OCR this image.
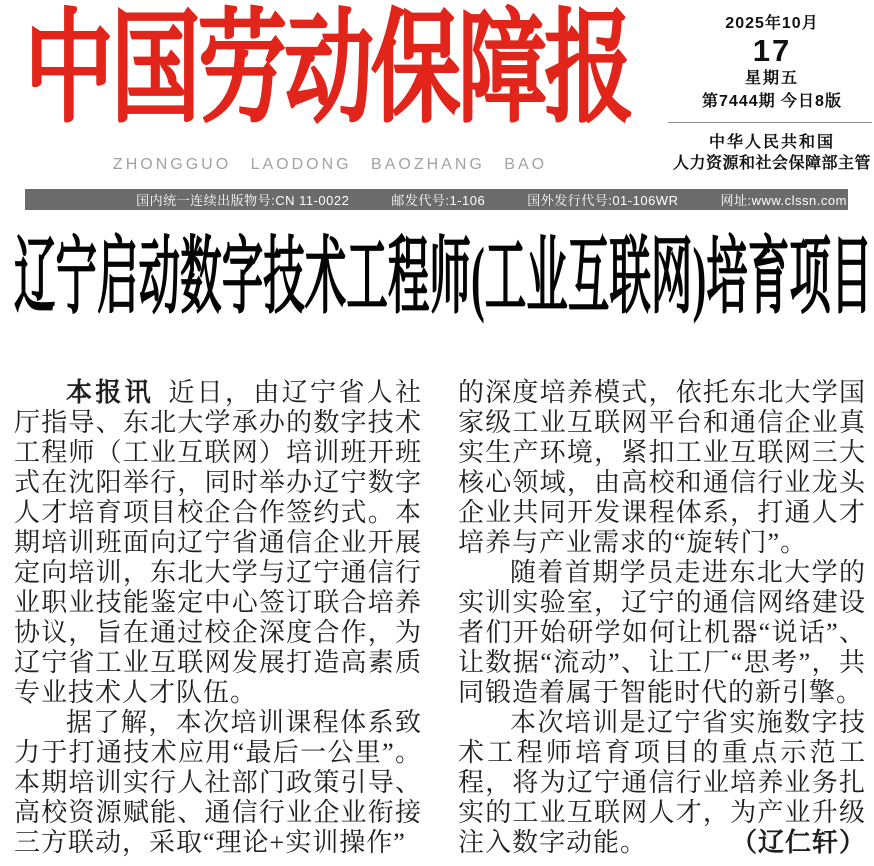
中国劳动保障报
ZHONGGUO LAODONG BAOZHANG BAO
2025年10月
17
星期五
第7444期 今日8版
中华人民共和国
人力资源和社会保障部主管
国内统一连续出版物号:CN 11-0022	邮发代号:1-106	国外发行代号:01-106WR	网址:www.clssn.com
辽宁启动数字技术工程师(工业互联网)培育项目

本报讯 近日，由辽宁省人社厅指导、东北大学承办的数字技术工程师（工业互联网）培训班开班式在沈阳举行，同时举办辽宁数字人才培育项目校企合作签约式。本期培训班面向辽宁省通信企业开展定向培训，东北大学与辽宁通信行业职业技能鉴定中心签订联合培养协议，旨在通过校企深度合作，为辽宁省工业互联网发展打造高素质专业技术人才队伍。

据了解，本次培训课程体系致力于打通技术应用“最后一公里”。本期培训实行人社部门政策引导、高校资源赋能、通信行业企业衔接三方联动，采取“理论+实训操作”

的深度培养模式，依托东北大学国家级工业互联网平台和通信企业真实生产环境，紧扣工业互联网三大核心领域，由高校和通信行业龙头企业共同开发课程体系，打通人才培养与产业需求的“旋转门”。

随着首期学员走进东北大学的实训实验室，辽宁的通信网络建设者们开始研学如何让机器“说话”、让数据“流动”、让工厂“思考”，共同锻造着属于智能时代的新引擎。

本次培训是辽宁省实施数字技术工程师培育项目的重点示范工程，将为辽宁通信行业培养业务扎实的工业互联网人才，为产业升级注入数字动能。	（辽仁轩）
